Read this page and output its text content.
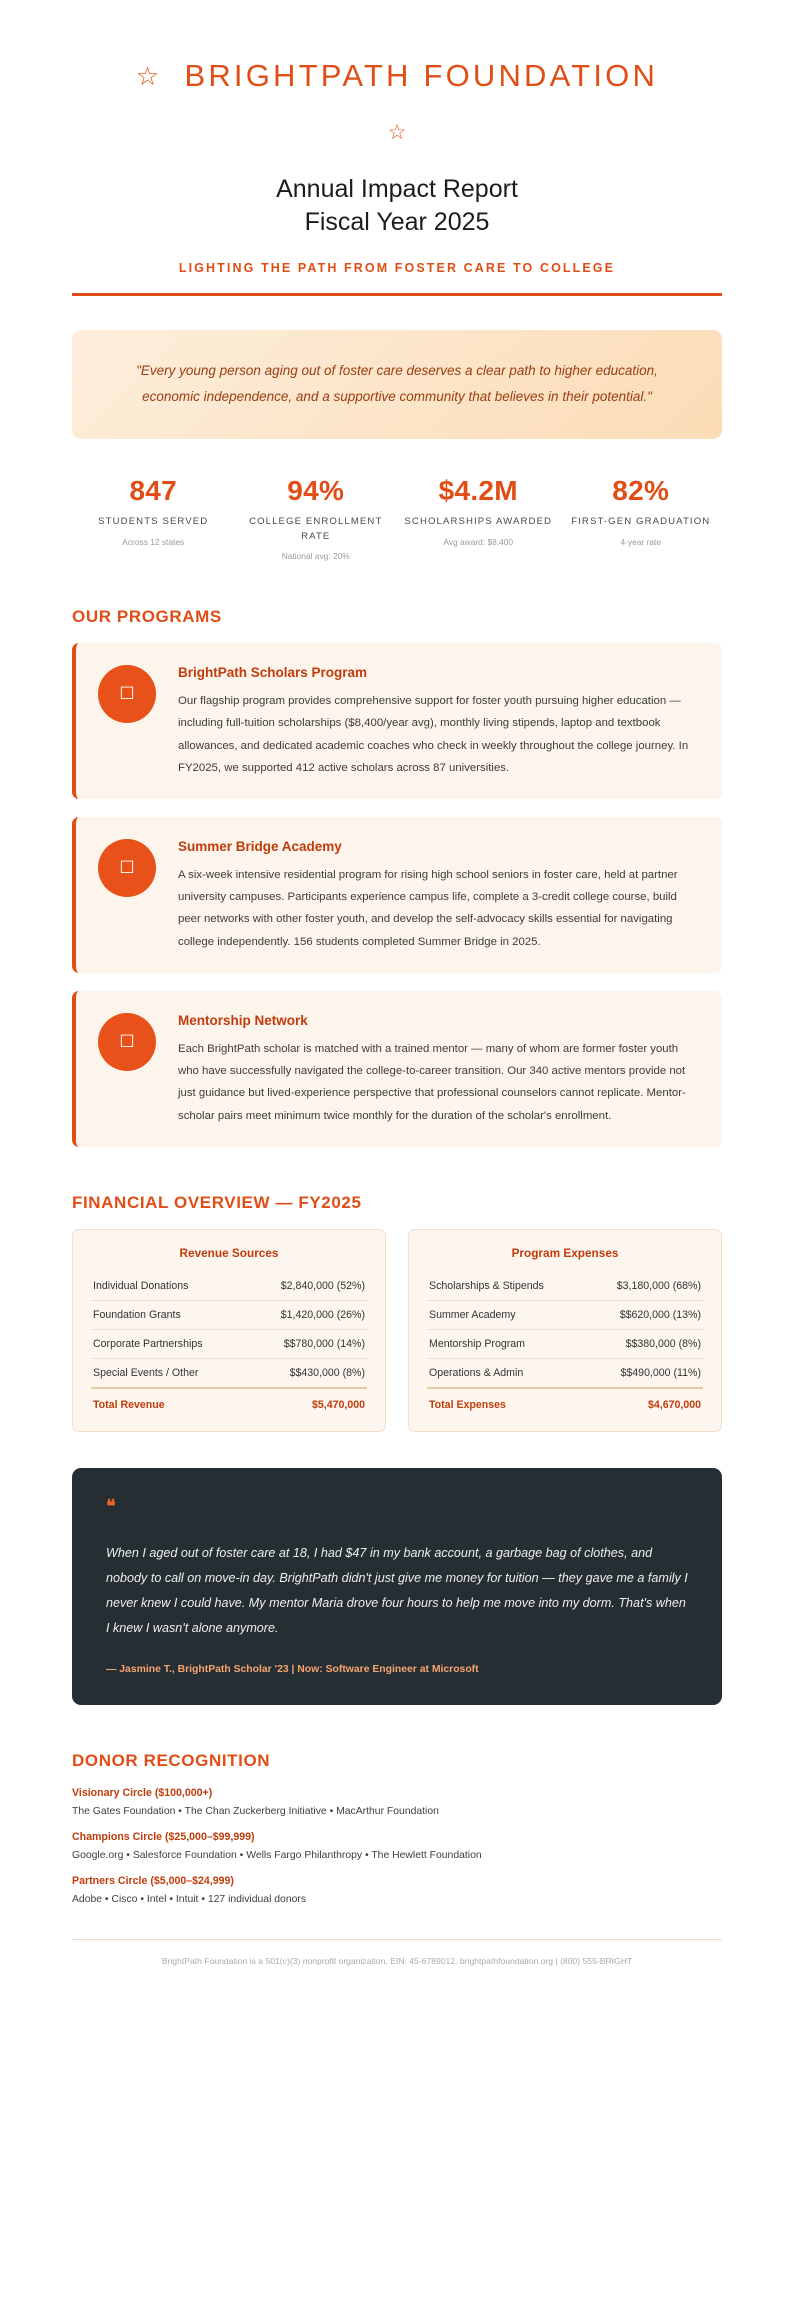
☆ BRIGHTPATH FOUNDATION
☆
Annual Impact Report
Fiscal Year 2025
LIGHTING THE PATH FROM FOSTER CARE TO COLLEGE
"Every young person aging out of foster care deserves a clear path to higher education, economic independence, and a supportive community that believes in their potential."
847
STUDENTS SERVED
Across 12 states
94%
COLLEGE ENROLLMENT RATE
National avg: 20%
$4.2M
SCHOLARSHIPS AWARDED
Avg award: $8,400
82%
FIRST-GEN GRADUATION
4-year rate
OUR PROGRAMS
☐
BrightPath Scholars Program
Our flagship program provides comprehensive support for foster youth pursuing higher education — including full-tuition scholarships ($8,400/year avg), monthly living stipends, laptop and textbook allowances, and dedicated academic coaches who check in weekly throughout the college journey. In FY2025, we supported 412 active scholars across 87 universities.
☐
Summer Bridge Academy
A six-week intensive residential program for rising high school seniors in foster care, held at partner university campuses. Participants experience campus life, complete a 3-credit college course, build peer networks with other foster youth, and develop the self-advocacy skills essential for navigating college independently. 156 students completed Summer Bridge in 2025.
☐
Mentorship Network
Each BrightPath scholar is matched with a trained mentor — many of whom are former foster youth who have successfully navigated the college-to-career transition. Our 340 active mentors provide not just guidance but lived-experience perspective that professional counselors cannot replicate. Mentor-scholar pairs meet minimum twice monthly for the duration of the scholar's enrollment.
FINANCIAL OVERVIEW — FY2025
Revenue Sources
Individual Donations	$2,840,000 (52%)
Foundation Grants	$1,420,000 (26%)
Corporate Partnerships	$$780,000 (14%)
Special Events / Other	$$430,000 (8%)
Total Revenue	$5,470,000
Program Expenses
Scholarships & Stipends	$3,180,000 (68%)
Summer Academy	$$620,000 (13%)
Mentorship Program	$$380,000 (8%)
Operations & Admin	$$490,000 (11%)
Total Expenses	$4,670,000
❝
When I aged out of foster care at 18, I had $47 in my bank account, a garbage bag of clothes, and nobody to call on move-in day. BrightPath didn't just give me money for tuition — they gave me a family I never knew I could have. My mentor Maria drove four hours to help me move into my dorm. That's when I knew I wasn't alone anymore.
— Jasmine T., BrightPath Scholar '23 | Now: Software Engineer at Microsoft
DONOR RECOGNITION
Visionary Circle ($100,000+)
The Gates Foundation • The Chan Zuckerberg Initiative • MacArthur Foundation
Champions Circle ($25,000–$99,999)
Google.org • Salesforce Foundation • Wells Fargo Philanthropy • The Hewlett Foundation
Partners Circle ($5,000–$24,999)
Adobe • Cisco • Intel • Intuit • 127 individual donors
BrightPath Foundation is a 501(c)(3) nonprofit organization. EIN: 45-6789012. brightpathfoundation.org | (800) 555-BRIGHT
